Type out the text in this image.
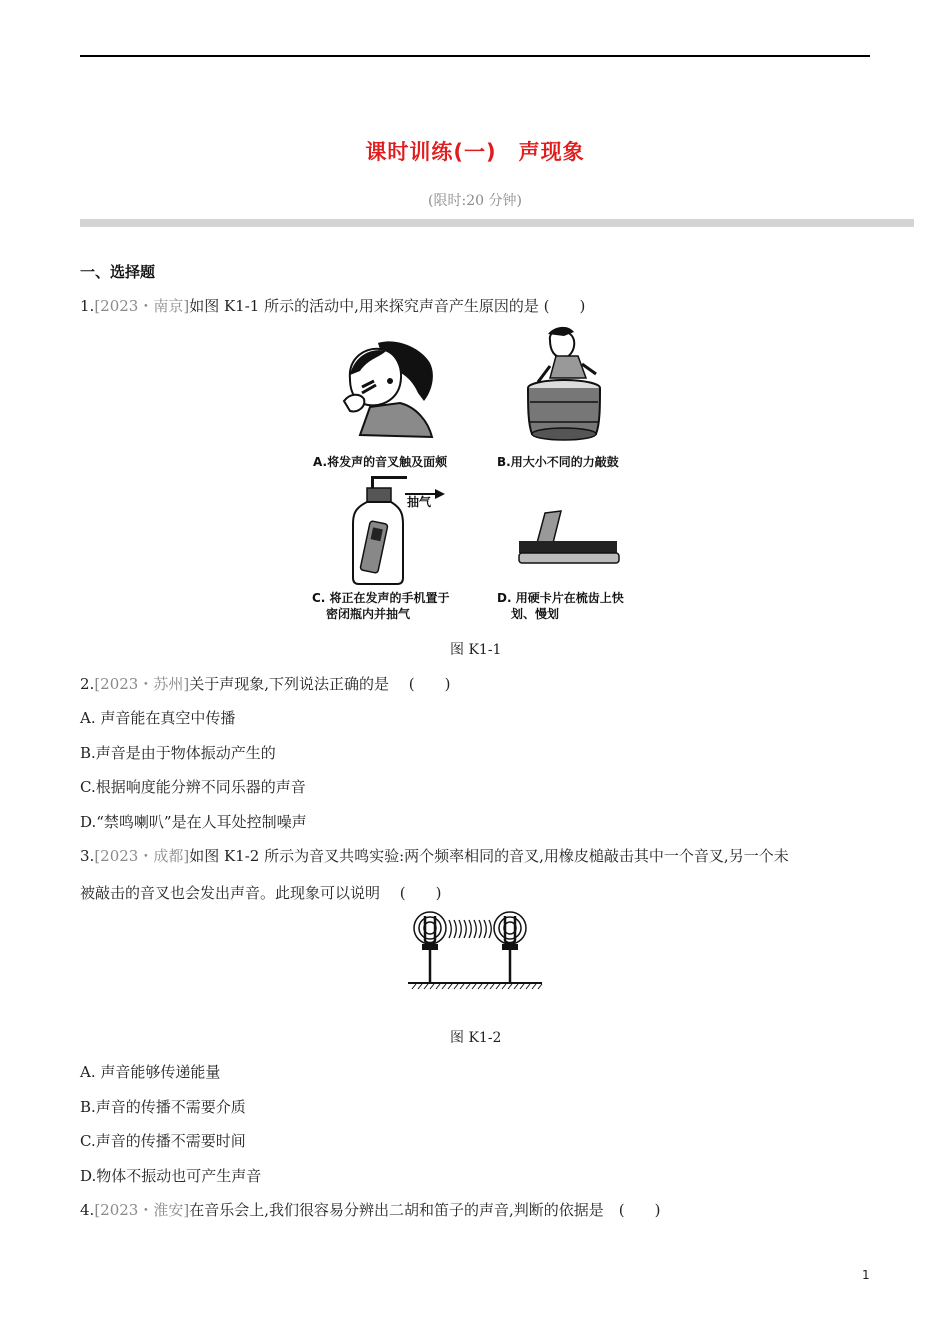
课时训练(一)　声现象
(限时:20 分钟)
一、选择题
1.[2023・南京]如图 K1-1 所示的活动中,用来探究声音产生原因的是 (　　)
A.将发声的音叉触及面颊	B.用大小不同的力敲鼓
抽气
C. 将正在发声的手机置于
密闭瓶内并抽气
D. 用硬卡片在梳齿上快
划、慢划
图 K1-1
2.[2023・苏州]关于声现象,下列说法正确的是　 (　　)
A. 声音能在真空中传播
B.声音是由于物体振动产生的
C.根据响度能分辨不同乐器的声音
D.“禁鸣喇叭”是在人耳处控制噪声
3.[2023・成都]如图 K1-2 所示为音叉共鸣实验:两个频率相同的音叉,用橡皮槌敲击其中一个音叉,另一个未
被敲击的音叉也会发出声音。此现象可以说明　 (　　)
图 K1-2
A. 声音能够传递能量
B.声音的传播不需要介质
C.声音的传播不需要时间
D.物体不振动也可产生声音
4.[2023・淮安]在音乐会上,我们很容易分辨出二胡和笛子的声音,判断的依据是　(　　)
1
